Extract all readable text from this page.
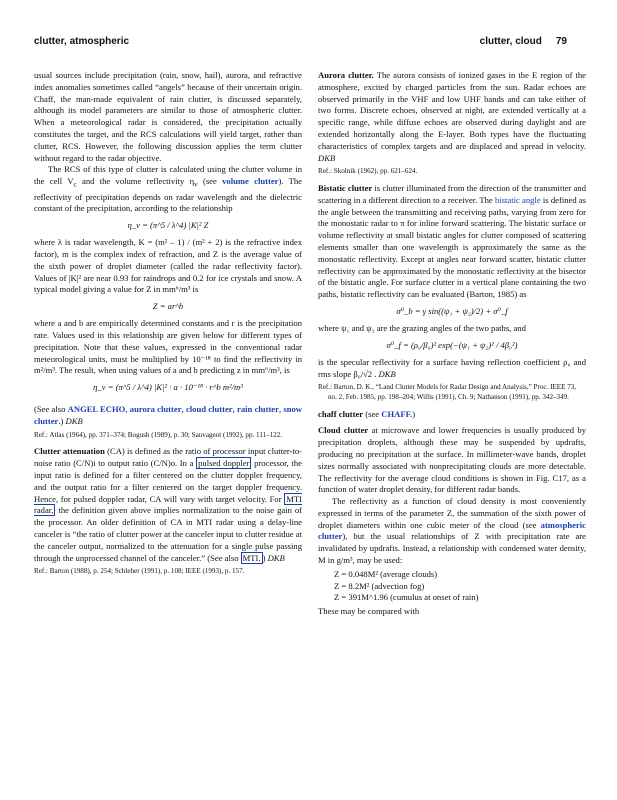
clutter, atmospheric	clutter, cloud 79

usual sources include precipitation (rain, snow, hail), aurora, and refractive index anomalies sometimes called “angels” because of their uncertain origin. Chaff, the man-made equivalent of rain clutter, is discussed separately, although its model parameters are similar to those of atmospheric clutter. When a meteorological radar is considered, the precipitation actually constitutes the target, and the RCS calculations will yield target, rather than clutter, RCS. However, the following discussion applies the term clutter without regard to the radar objective.

The RCS of this type of clutter is calculated using the clutter volume in the cell $V_c$ and the volume reflectivity $\eta_v$ (see volume clutter). The reflectivity of precipitation depends on radar wavelength and the dielectric constant of the precipitation, according to the relationship

η_v = (π^5 / λ^4) |K|² Z

where λ is radar wavelength, K = (m² – 1) / (m² + 2) is the refractive index factor), m is the complex index of refraction, and Z is the average value of the sixth power of droplet diameter (called the radar reflectivity factor). Values of |K|² are near 0.93 for raindrops and 0.2 for ice crystals and snow. A typical model giving a value for Z in mm⁶/m³ is

Z = ar^b

where a and b are empirically determined constants and r is the precipitation rate. Values used in this relationship are given below for different types of precipitation. Note that these values, expressed in the conventional radar meteorological units, must be multiplied by 10⁻¹⁸ to find the reflectivity in m²/m³. The result, when using values of a and b predicting z in mm⁶/m³, is

η_v = (π^5 / λ^4) |K|² · a · 10⁻¹⁸ · r^b m²/m³

(See also ANGEL ECHO, aurora clutter, cloud clutter, rain clutter, snow clutter.) DKB

Ref.: Atlas (1964), pp. 371–374; Bogush (1989), p. 30; Sauvageot (1992), pp. 111–122.

Clutter attenuation (CA) is defined as the ratio of processor input clutter-to-noise ratio (C/N)i to output ratio (C/N)o. In a pulsed doppler processor, the input ratio is defined for a filter centered on the clutter doppler frequency, and the output ratio for a filter centered on the target doppler frequency. Hence, for pulsed doppler radar, CA will vary with target velocity. For MTI radar, the definition given above implies normalization to the noise gain of the processor. An older definition of CA in MTI radar using a delay-line canceler is “the ratio of clutter power at the canceler input to clutter residue at the canceler output, normalized to the attenuation for a single pulse passing through the unprocessed channel of the canceler.” (See also MTI. ) DKB

Ref.: Barton (1988), p. 254; Schleher (1991), p. 108; IEEE (1993), p. 157.

Aurora clutter. The aurora consists of ionized gases in the E region of the atmosphere, excited by charged particles from the sun. Radar echoes are observed primarily in the VHF and low UHF bands and can take either of two forms. Discrete echoes, observed at night, are extended vertically at a specific range, while diffuse echoes are observed during daylight and are extended horizontally along the E-layer. Both types have the fluctuating characteristics of complex targets and are displaced and spread in velocity. DKB

Ref.: Skolnik (1962), pp. 621–624.

Bistatic clutter is clutter illuminated from the direction of the transmitter and scattering in a different direction to a receiver. The bistatic angle is defined as the angle between the transmitting and receiving paths, varying from zero for the monostatic radar to π for inline forward scattering. The bistatic surface or volume reflectivity at small bistatic angles for clutter composed of scattering elements smaller than one wavelength is approximately the same as the monostatic reflectivity. Except at angles near forward scatter, bistatic clutter reflectivity can be approximated by the monostatic reflectivity at the bisector of the bistatic angle. For surface clutter in a vertical plane containing the two paths, bistatic reflectivity can be evaluated (Barton, 1985) as

σ⁰_b = γ sin((ψ₁ + ψ₂)/2) + σ⁰_f

where ψ₁ and ψ₂ are the grazing angles of the two paths, and

σ⁰_f = (ρ₀/β₀)² exp(−(ψ₁ + ψ₂)² / 4β₀²)

is the specular reflectivity for a surface having reflection coefficient ρ₀ and rms slope β₀/√2 . DKB

Ref.: Barton, D. K., “Land Clutter Models for Radar Design and Analysis,” Proc. IEEE 73, no. 2, Feb. 1985, pp. 198–204; Willis (1991), Ch. 9; Nathanson (1991), pp. 342–349.

chaff clutter (see CHAFF.)

Cloud clutter at microwave and lower frequencies is usually produced by precipitation droplets, although these may be suspended by updrafts, producing no precipitation at the surface. In millimeter-wave bands, droplet sizes normally associated with nonprecipitating clouds are more detectable. The reflectivity for the average cloud conditions is shown in Fig. C17, as a function of water droplet density, for different radar bands.

The reflectivity as a function of cloud density is most conveniently expressed in terms of the parameter Z, the summation of the sixth power of droplet diameters within one cubic meter of the cloud (see atmospheric clutter), but the usual relationships of Z with precipitation rate are invalidated by updrafts. Instead, a relationship with condensed water density, M in g/m³, may be used:

Z = 0.048M² (average clouds)
Z = 8.2M² (advection fog)
Z = 391M^1.96 (cumulus at onset of rain)

These may be compared with
